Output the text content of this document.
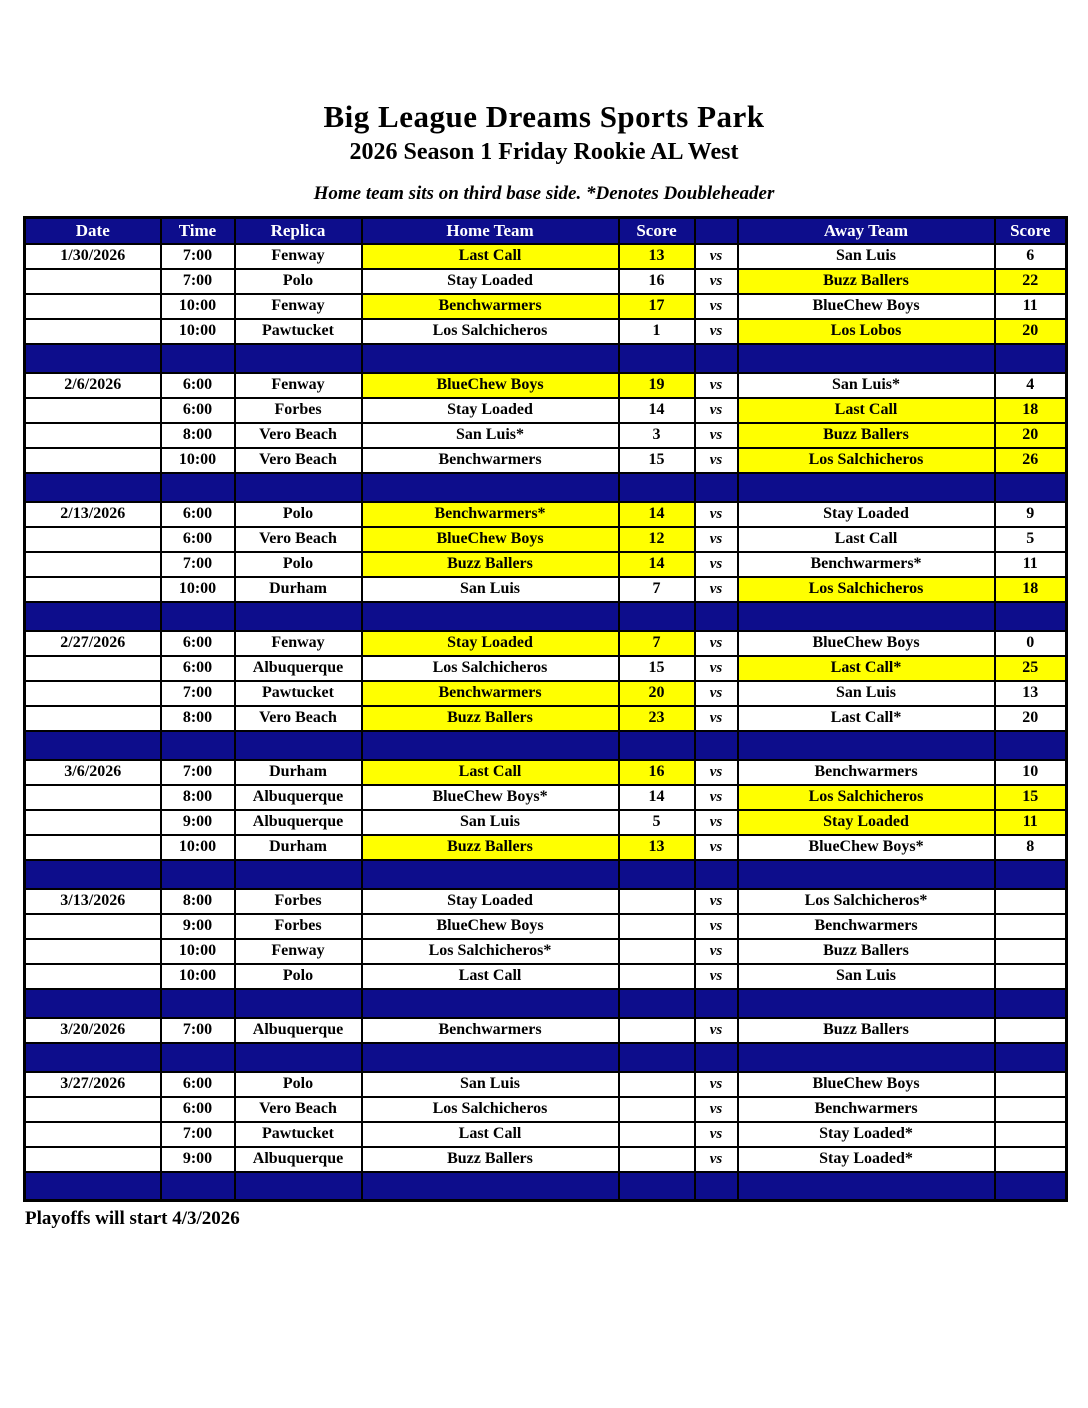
Big League Dreams Sports Park
2026 Season 1 Friday Rookie AL West
Home team sits on third base side. *Denotes Doubleheader
Date	Time	Replica	Home Team	Score		Away Team	Score
1/30/2026	7:00	Fenway	Last Call	13	vs	San Luis	6
	7:00	Polo	Stay Loaded	16	vs	Buzz Ballers	22
	10:00	Fenway	Benchwarmers	17	vs	BlueChew Boys	11
	10:00	Pawtucket	Los Salchicheros	1	vs	Los Lobos	20

2/6/2026	6:00	Fenway	BlueChew Boys	19	vs	San Luis*	4
	6:00	Forbes	Stay Loaded	14	vs	Last Call	18
	8:00	Vero Beach	San Luis*	3	vs	Buzz Ballers	20
	10:00	Vero Beach	Benchwarmers	15	vs	Los Salchicheros	26

2/13/2026	6:00	Polo	Benchwarmers*	14	vs	Stay Loaded	9
	6:00	Vero Beach	BlueChew Boys	12	vs	Last Call	5
	7:00	Polo	Buzz Ballers	14	vs	Benchwarmers*	11
	10:00	Durham	San Luis	7	vs	Los Salchicheros	18

2/27/2026	6:00	Fenway	Stay Loaded	7	vs	BlueChew Boys	0
	6:00	Albuquerque	Los Salchicheros	15	vs	Last Call*	25
	7:00	Pawtucket	Benchwarmers	20	vs	San Luis	13
	8:00	Vero Beach	Buzz Ballers	23	vs	Last Call*	20

3/6/2026	7:00	Durham	Last Call	16	vs	Benchwarmers	10
	8:00	Albuquerque	BlueChew Boys*	14	vs	Los Salchicheros	15
	9:00	Albuquerque	San Luis	5	vs	Stay Loaded	11
	10:00	Durham	Buzz Ballers	13	vs	BlueChew Boys*	8

3/13/2026	8:00	Forbes	Stay Loaded		vs	Los Salchicheros*	
	9:00	Forbes	BlueChew Boys		vs	Benchwarmers	
	10:00	Fenway	Los Salchicheros*		vs	Buzz Ballers	
	10:00	Polo	Last Call		vs	San Luis	

3/20/2026	7:00	Albuquerque	Benchwarmers		vs	Buzz Ballers	

3/27/2026	6:00	Polo	San Luis		vs	BlueChew Boys	
	6:00	Vero Beach	Los Salchicheros		vs	Benchwarmers	
	7:00	Pawtucket	Last Call		vs	Stay Loaded*	
	9:00	Albuquerque	Buzz Ballers		vs	Stay Loaded*	

Playoffs will start 4/3/2026
